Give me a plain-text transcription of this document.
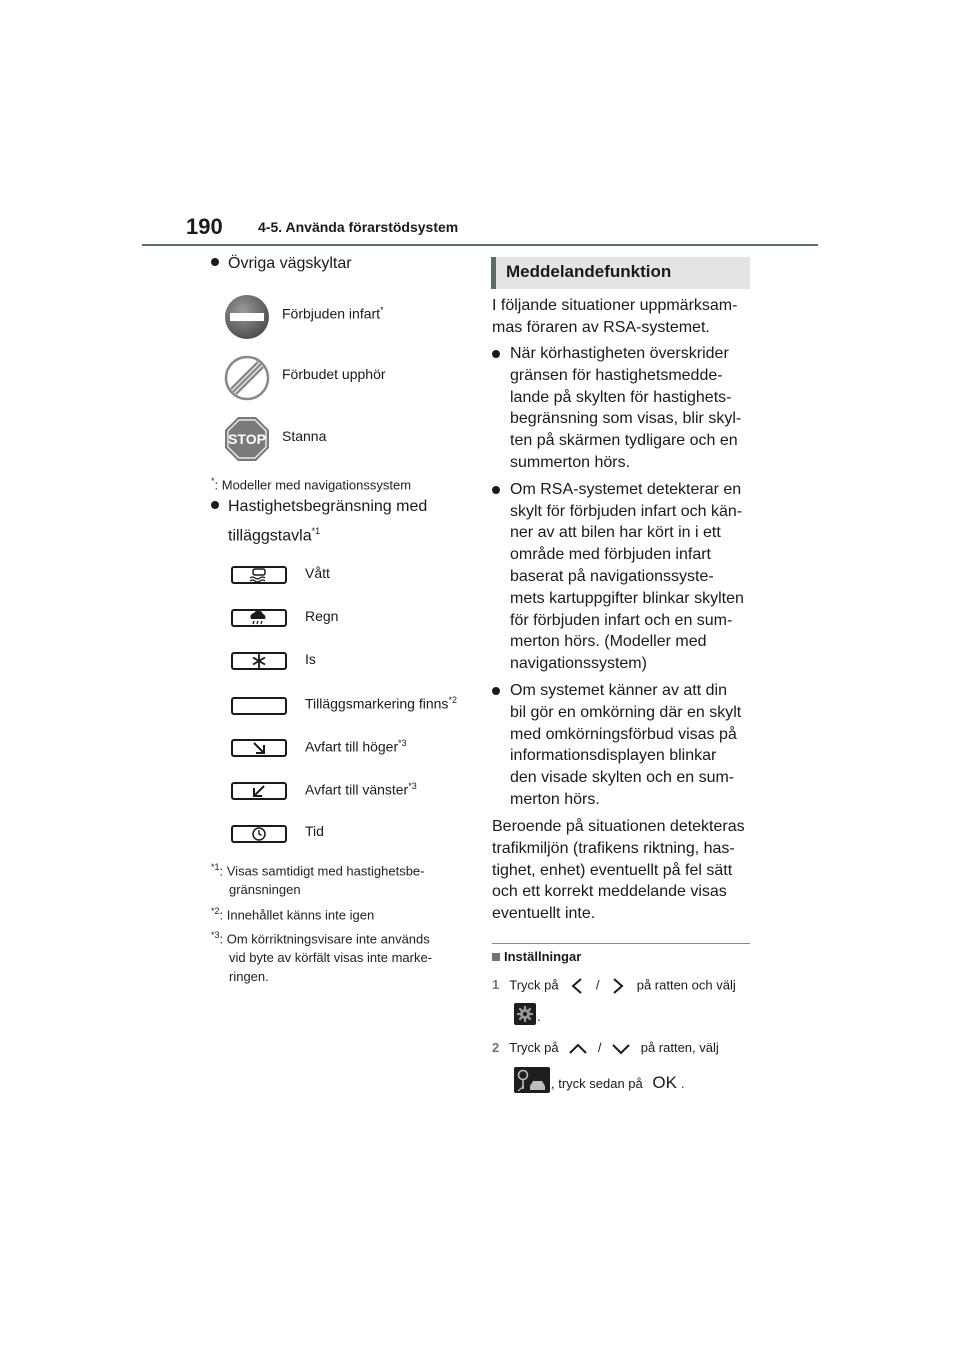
190	4-5. Använda förarstödsystem
Övriga vägskyltar
Förbjuden infart*
Förbudet upphör
STOP Stanna
*: Modeller med navigationssystem
Hastighetsbegränsning med
tilläggstavla$^{*1}$
Vått
Regn
Is
Tilläggsmarkering finns$^{*2}$
Avfart till höger$^{*3}$
Avfart till vänster$^{*3}$
Tid
$^{*1}$: Visas samtidigt med hastighetsbe-
gränsningen
$^{*2}$: Innehållet känns inte igen
$^{*3}$: Om körriktningsvisare inte används
vid byte av körfält visas inte marke-
ringen.
Meddelandefunktion
I följande situationer uppmärksam-
mas föraren av RSA-systemet.
När körhastigheten överskrider
gränsen för hastighetsmedde-
lande på skylten för hastighets-
begränsning som visas, blir skyl-
ten på skärmen tydligare och en
summerton hörs.
Om RSA-systemet detekterar en
skylt för förbjuden infart och kän-
ner av att bilen har kört in i ett
område med förbjuden infart
baserat på navigationssyste-
mets kartuppgifter blinkar skylten
för förbjuden infart och en sum-
merton hörs. (Modeller med
navigationssystem)
Om systemet känner av att din
bil gör en omkörning där en skylt
med omkörningsförbud visas på
informationsdisplayen blinkar
den visade skylten och en sum-
merton hörs.
Beroende på situationen detekteras
trafikmiljön (trafikens riktning, has-
tighet, enhet) eventuellt på fel sätt
och ett korrekt meddelande visas
eventuellt inte.
Inställningar
1 Tryck på	/	på ratten och välj
.
2 Tryck på	/	på ratten, välj
, tryck sedan på OK .
